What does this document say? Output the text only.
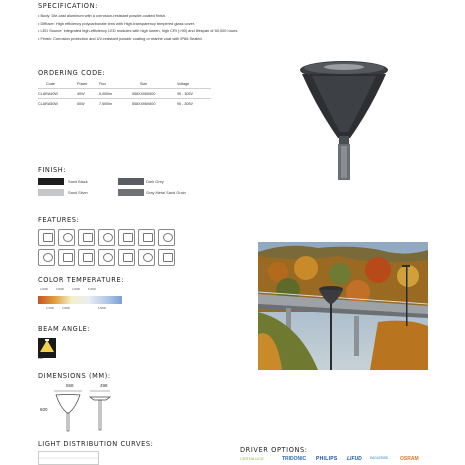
SPECIFICATION:
• Body: Die-cast aluminum with a corrosion-resistant powder-coated finish.
• Diffuser: High efficiency polycarbonate lens with High-transparency tempered glass cover.
• LED Source: Integrated high-efficiency LED modules with high lumen, high CRI (>90) and lifespan of 50,000 hours.
• Finish: Corrosion protection and UV-resistant powder coating or marine coat with IP66 Sealed.
ORDERING CODE:
Code	Power	Flux	Size	Voltage
CLARA40W	40W	6,000lm	558X498X600	90 - 305V
CLARA50W	50W	7,500lm	558X498X600	90 - 305V
FINISH:
Sand Black	Dark Grey
Sand Silver	Gray Metal Sand Grain
FEATURES:
COLOR TEMPERATURE:
2,200K	3,000K	4,000K	5,000K
2,700K	3,500K	6,500K
BEAM ANGLE:
130°
DIMENSIONS (MM):
558	498
600
LIGHT DISTRIBUTION CURVES:
DRIVER OPTIONS:
CERTALUCE	TRIDONIC PHILIPS LIFUD	EAGLERISE OSRAM
